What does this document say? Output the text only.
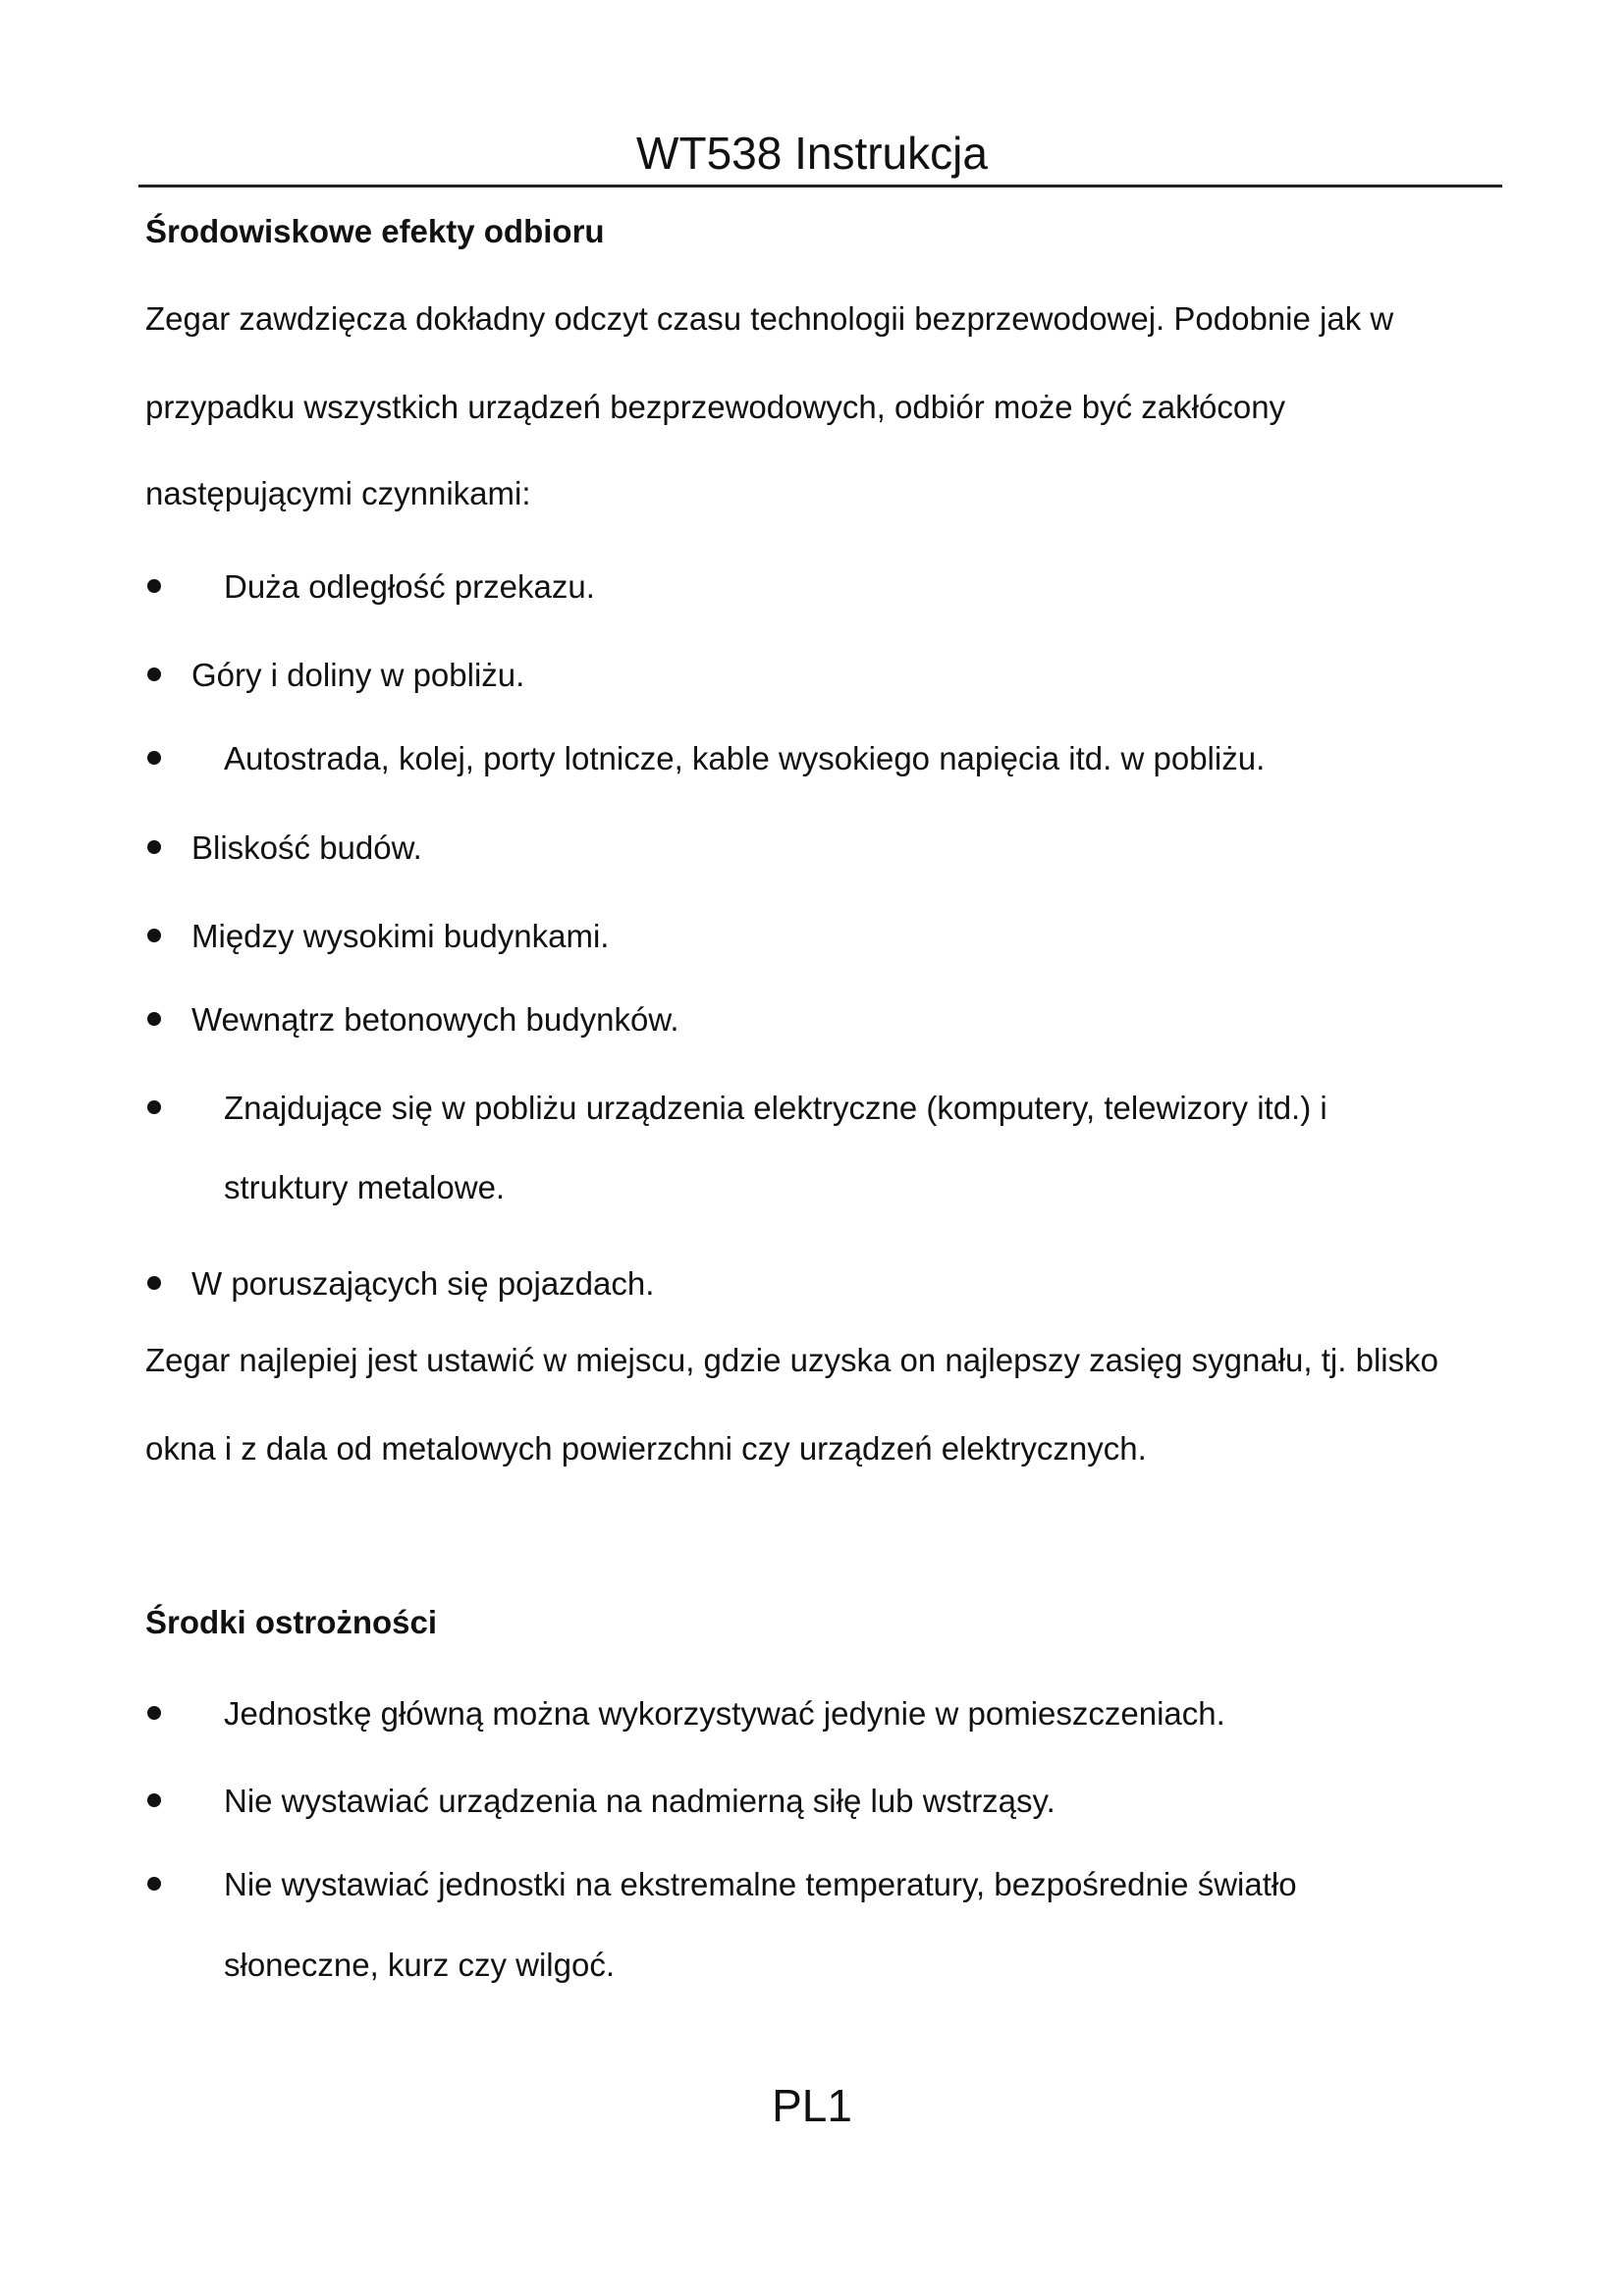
WT538 Instrukcja

Środowiskowe efekty odbioru

Zegar zawdzięcza dokładny odczyt czasu technologii bezprzewodowej. Podobnie jak w

przypadku wszystkich urządzeń bezprzewodowych, odbiór może być zakłócony

następującymi czynnikami:

Duża odległość przekazu.

Góry i doliny w pobliżu.

Autostrada, kolej, porty lotnicze, kable wysokiego napięcia itd. w pobliżu.

Bliskość budów.

Między wysokimi budynkami.

Wewnątrz betonowych budynków.

Znajdujące się w pobliżu urządzenia elektryczne (komputery, telewizory itd.) i

struktury metalowe.

W poruszających się pojazdach.

Zegar najlepiej jest ustawić w miejscu, gdzie uzyska on najlepszy zasięg sygnału, tj. blisko

okna i z dala od metalowych powierzchni czy urządzeń elektrycznych.

Środki ostrożności

Jednostkę główną można wykorzystywać jedynie w pomieszczeniach.

Nie wystawiać urządzenia na nadmierną siłę lub wstrząsy.

Nie wystawiać jednostki na ekstremalne temperatury, bezpośrednie światło

słoneczne, kurz czy wilgoć.

PL1
